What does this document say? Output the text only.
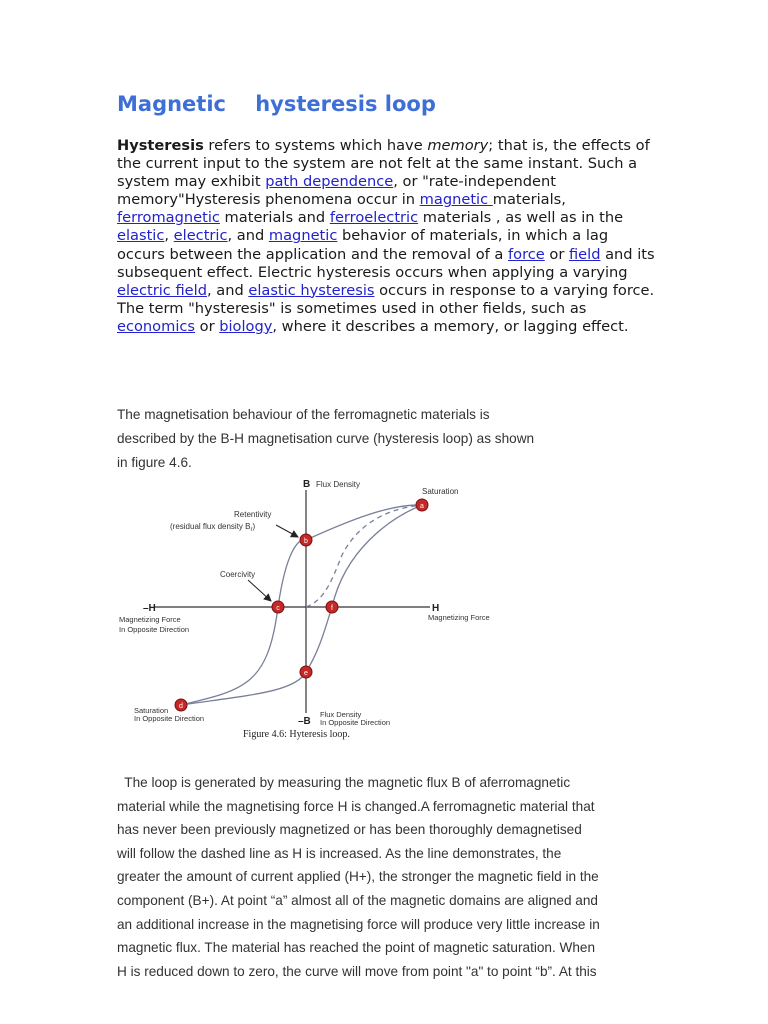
Magnetic hysteresis loop

Hysteresis refers to systems which have memory; that is, the effects of the current input to the system are not felt at the same instant. Such a system may exhibit path dependence, or "rate-independent memory"Hysteresis phenomena occur in magnetic materials, ferromagnetic materials and ferroelectric materials , as well as in the elastic, electric, and magnetic behavior of materials, in which a lag occurs between the application and the removal of a force or field and its subsequent effect. Electric hysteresis occurs when applying a varying electric field, and elastic hysteresis occurs in response to a varying force. The term "hysteresis" is sometimes used in other fields, such as economics or biology, where it describes a memory, or lagging effect.

The magnetisation behaviour of the ferromagnetic materials is
described by the B-H magnetisation curve (hysteresis loop) as shown
in figure 4.6.

a
b
c
d
e
f
B Flux Density
Saturation
Retentivity
(residual flux density $B_r$)
Coercivity
–H	H
Magnetizing Force In Opposite Direction
Magnetizing Force
–B
Flux Density In Opposite Direction
Saturation In Opposite Direction
Figure 4.6: Hyteresis loop.

The loop is generated by measuring the magnetic flux B of aferromagnetic
material while the magnetising force H is changed.A ferromagnetic material that
has never been previously magnetized or has been thoroughly demagnetised
will follow the dashed line as H is increased. As the line demonstrates, the
greater the amount of current applied (H+), the stronger the magnetic field in the
component (B+). At point “a” almost all of the magnetic domains are aligned and
an additional increase in the magnetising force will produce very little increase in
magnetic flux. The material has reached the point of magnetic saturation. When
H is reduced down to zero, the curve will move from point "a" to point “b”. At this
